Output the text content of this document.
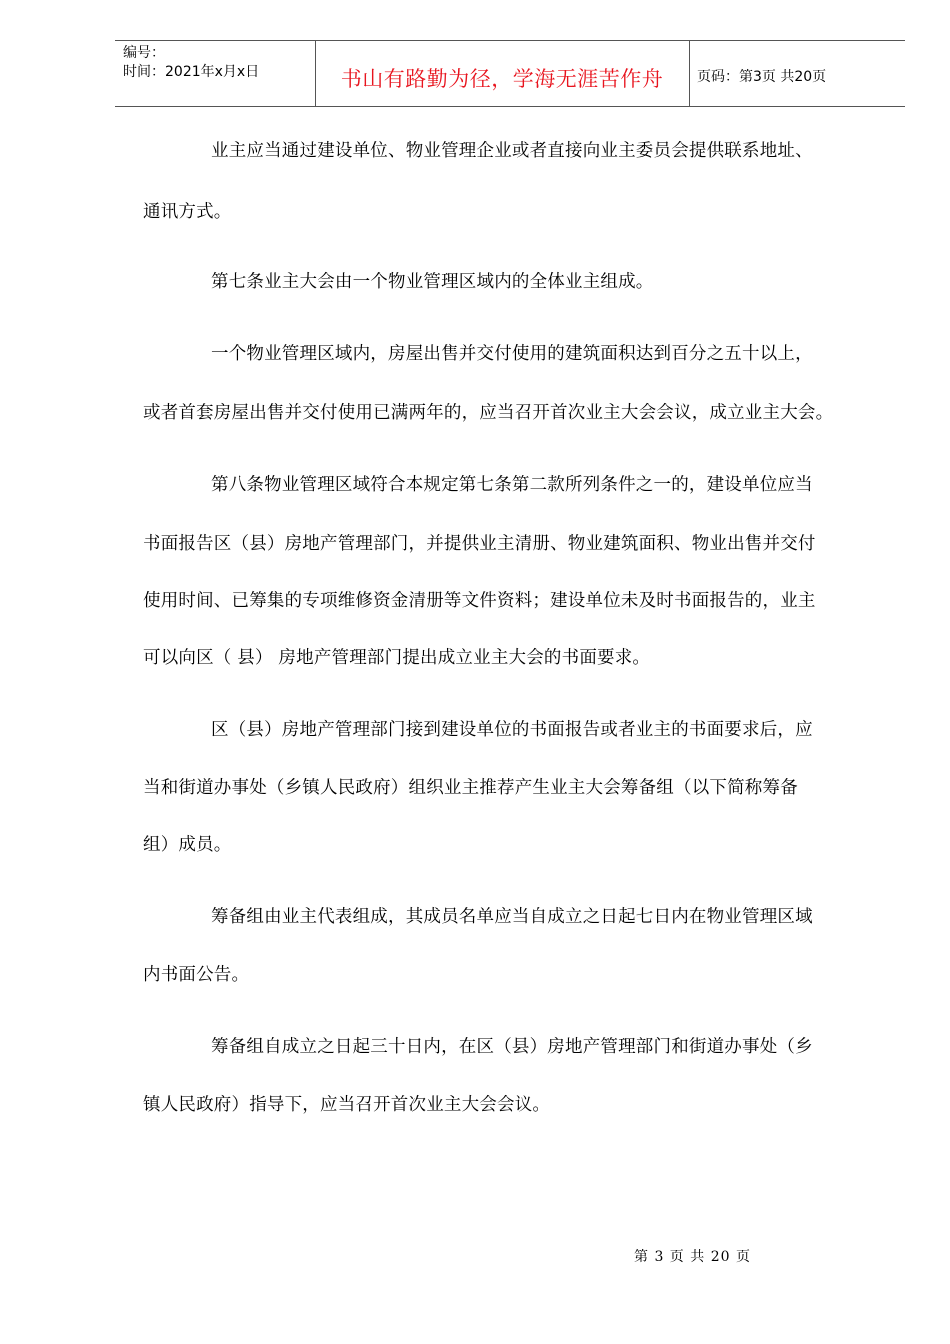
编号：
时间：2021年x月x日	书山有路勤为径，学海无涯苦作舟	页码：第3页 共20页
业主应当通过建设单位、物业管理企业或者直接向业主委员会提供联系地址、
通讯方式。
第七条业主大会由一个物业管理区域内的全体业主组成。
一个物业管理区域内，房屋出售并交付使用的建筑面积达到百分之五十以上，
或者首套房屋出售并交付使用已满两年的，应当召开首次业主大会会议，成立业主大会。
第八条物业管理区域符合本规定第七条第二款所列条件之一的，建设单位应当
书面报告区（县）房地产管理部门，并提供业主清册、物业建筑面积、物业出售并交付
使用时间、已筹集的专项维修资金清册等文件资料；建设单位未及时书面报告的，业主
可以向区（ 县） 房地产管理部门提出成立业主大会的书面要求。
区（县）房地产管理部门接到建设单位的书面报告或者业主的书面要求后，应
当和街道办事处（乡镇人民政府）组织业主推荐产生业主大会筹备组（以下简称筹备
组）成员。
筹备组由业主代表组成，其成员名单应当自成立之日起七日内在物业管理区域
内书面公告。
筹备组自成立之日起三十日内，在区（县）房地产管理部门和街道办事处（乡
镇人民政府）指导下，应当召开首次业主大会会议。
第 3 页 共 20 页
